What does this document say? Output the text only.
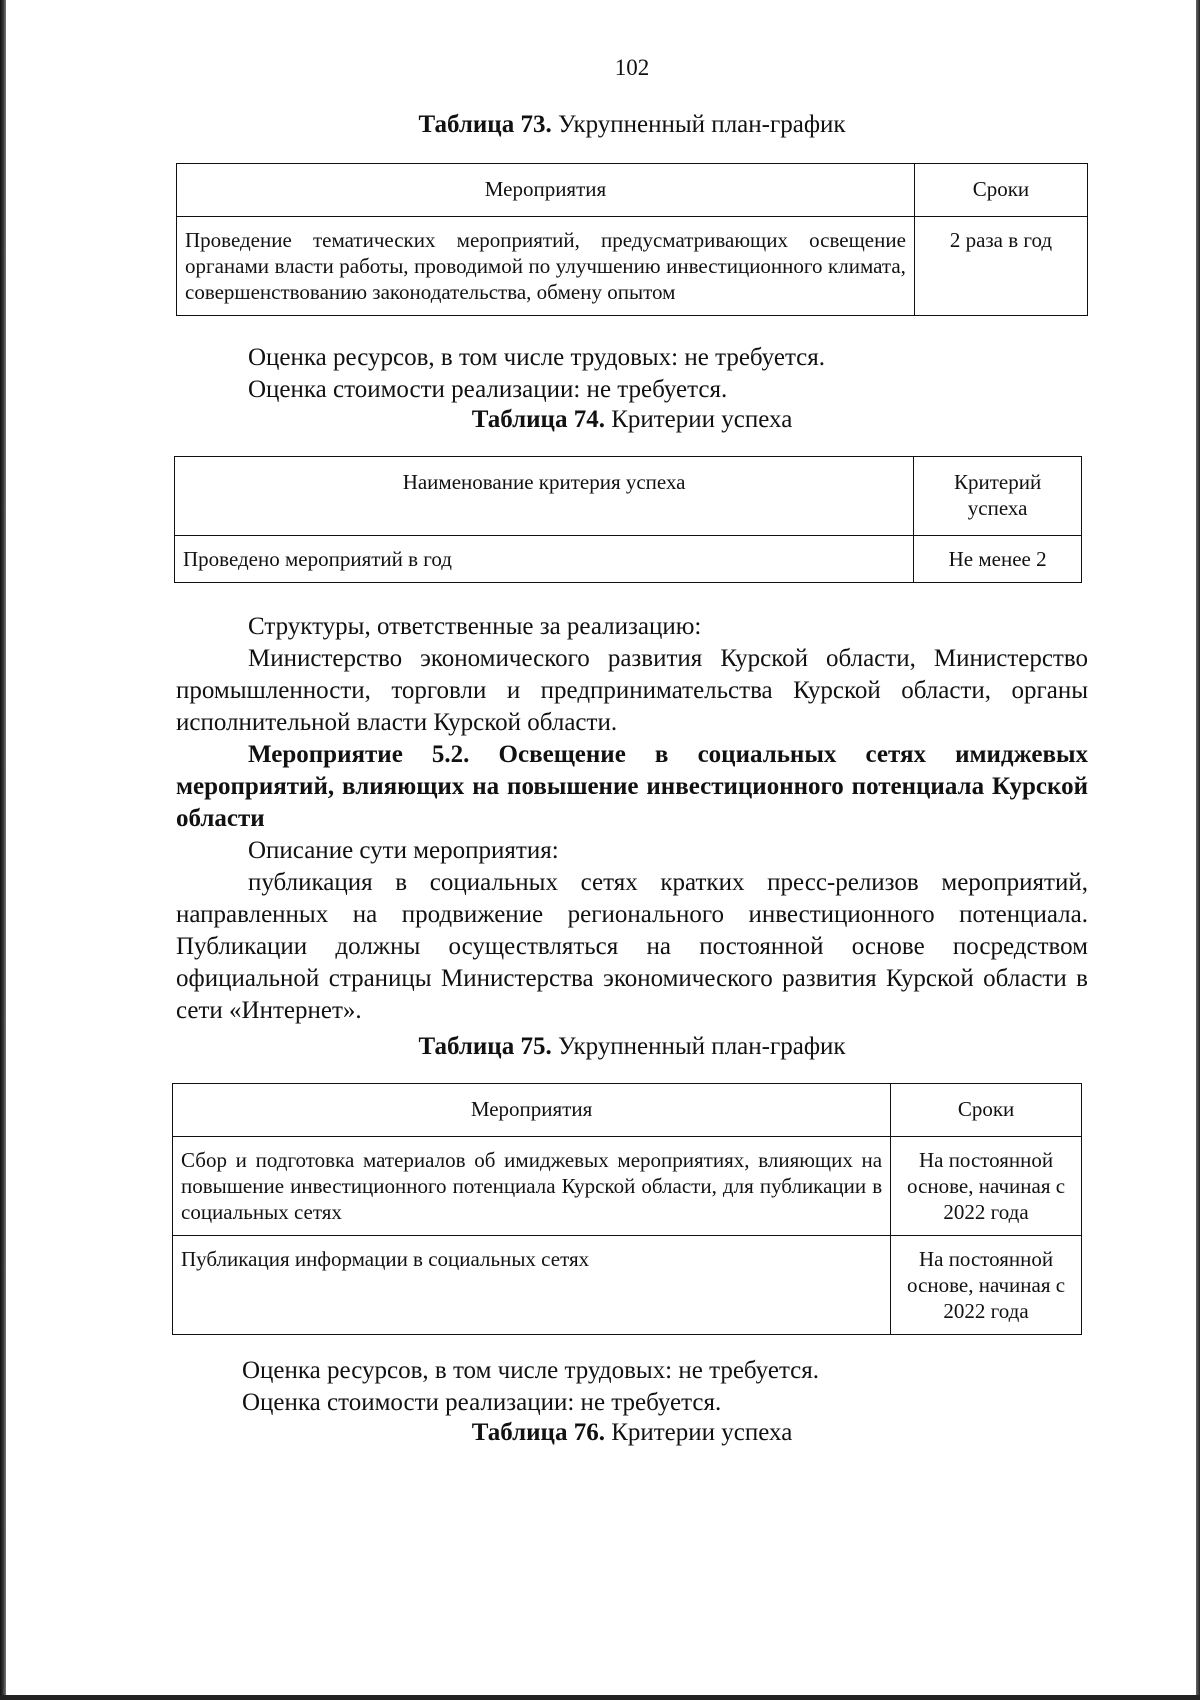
102
Таблица 73. Укрупненный план-график
Мероприятия	Сроки
Проведение тематических мероприятий, предусматривающих освещение органами власти работы, проводимой по улучшению инвестиционного климата, совершенствованию законодательства, обмену опытом	2 раза в год

Оценка ресурсов, в том числе трудовых: не требуется.

Оценка стоимости реализации: не требуется.

Таблица 74. Критерии успеха
Наименование критерия успеха	Критерий успеха
Проведено мероприятий в год	Не менее 2

Структуры, ответственные за реализацию:

Министерство экономического развития Курской области, Министерство промышленности, торговли и предпринимательства Курской области, органы исполнительной власти Курской области.

Мероприятие 5.2. Освещение в социальных сетях имиджевых мероприятий, влияющих на повышение инвестиционного потенциала Курской области

Описание сути мероприятия:

публикация в социальных сетях кратких пресс-релизов мероприятий, направленных на продвижение регионального инвестиционного потенциала. Публикации должны осуществляться на постоянной основе посредством официальной страницы Министерства экономического развития Курской области в сети «Интернет».

Таблица 75. Укрупненный план-график
Мероприятия	Сроки
Сбор и подготовка материалов об имиджевых мероприятиях, влияющих на повышение инвестиционного потенциала Курской области, для публикации в социальных сетях	На постоянной основе, начиная с 2022 года
Публикация информации в социальных сетях	На постоянной основе, начиная с 2022 года

Оценка ресурсов, в том числе трудовых: не требуется.

Оценка стоимости реализации: не требуется.

Таблица 76. Критерии успеха
